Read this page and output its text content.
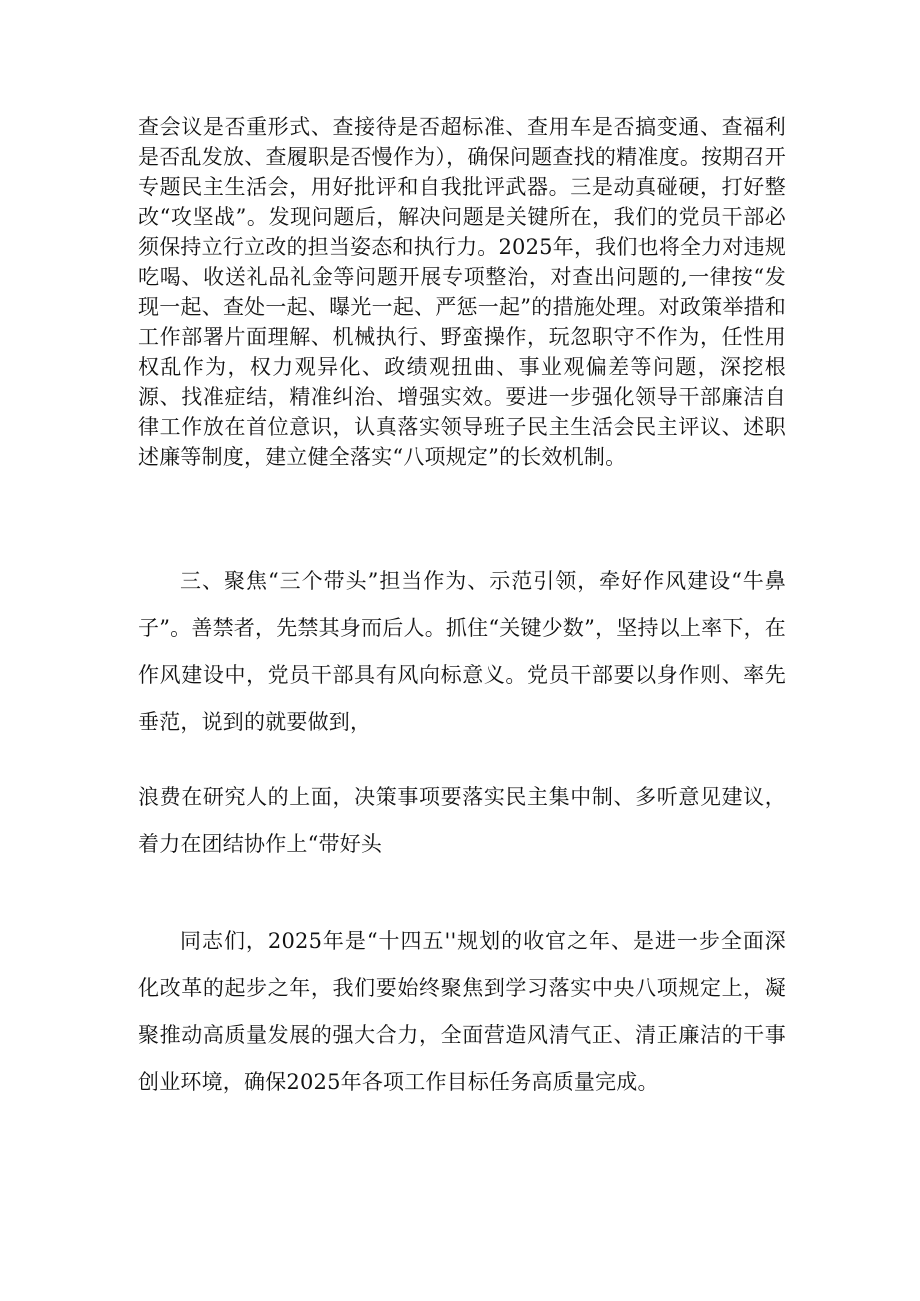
查会议是否重形式、查接待是否超标准、查用车是否搞变通、查福利是否乱发放、查履职是否慢作为），确保问题查找的精准度。按期召开专题民主生活会，用好批评和自我批评武器。三是动真碰硬，打好整改“攻坚战”。发现问题后，解决问题是关键所在，我们的党员干部必须保持立行立改的担当姿态和执行力。2025年，我们也将全力对违规吃喝、收送礼品礼金等问题开展专项整治，对查出问题的,一律按“发现一起、查处一起、曝光一起、严惩一起”的措施处理。对政策举措和工作部署片面理解、机械执行、野蛮操作，玩忽职守不作为，任性用权乱作为，权力观异化、政绩观扭曲、事业观偏差等问题，深挖根源、找准症结，精准纠治、增强实效。要进一步强化领导干部廉洁自律工作放在首位意识，认真落实领导班子民主生活会民主评议、述职述廉等制度，建立健全落实“八项规定”的长效机制。

三、聚焦“三个带头”担当作为、示范引领，牵好作风建设“牛鼻子”。善禁者，先禁其身而后人。抓住“关键少数”，坚持以上率下，在作风建设中，党员干部具有风向标意义。党员干部要以身作则、率先垂范，说到的就要做到，

浪费在研究人的上面，决策事项要落实民主集中制、多听意见建议，着力在团结协作上“带好头

同志们，2025年是“十四五''规划的收官之年、是进一步全面深化改革的起步之年，我们要始终聚焦到学习落实中央八项规定上，凝聚推动高质量发展的强大合力，全面营造风清气正、清正廉洁的干事创业环境，确保2025年各项工作目标任务高质量完成。
